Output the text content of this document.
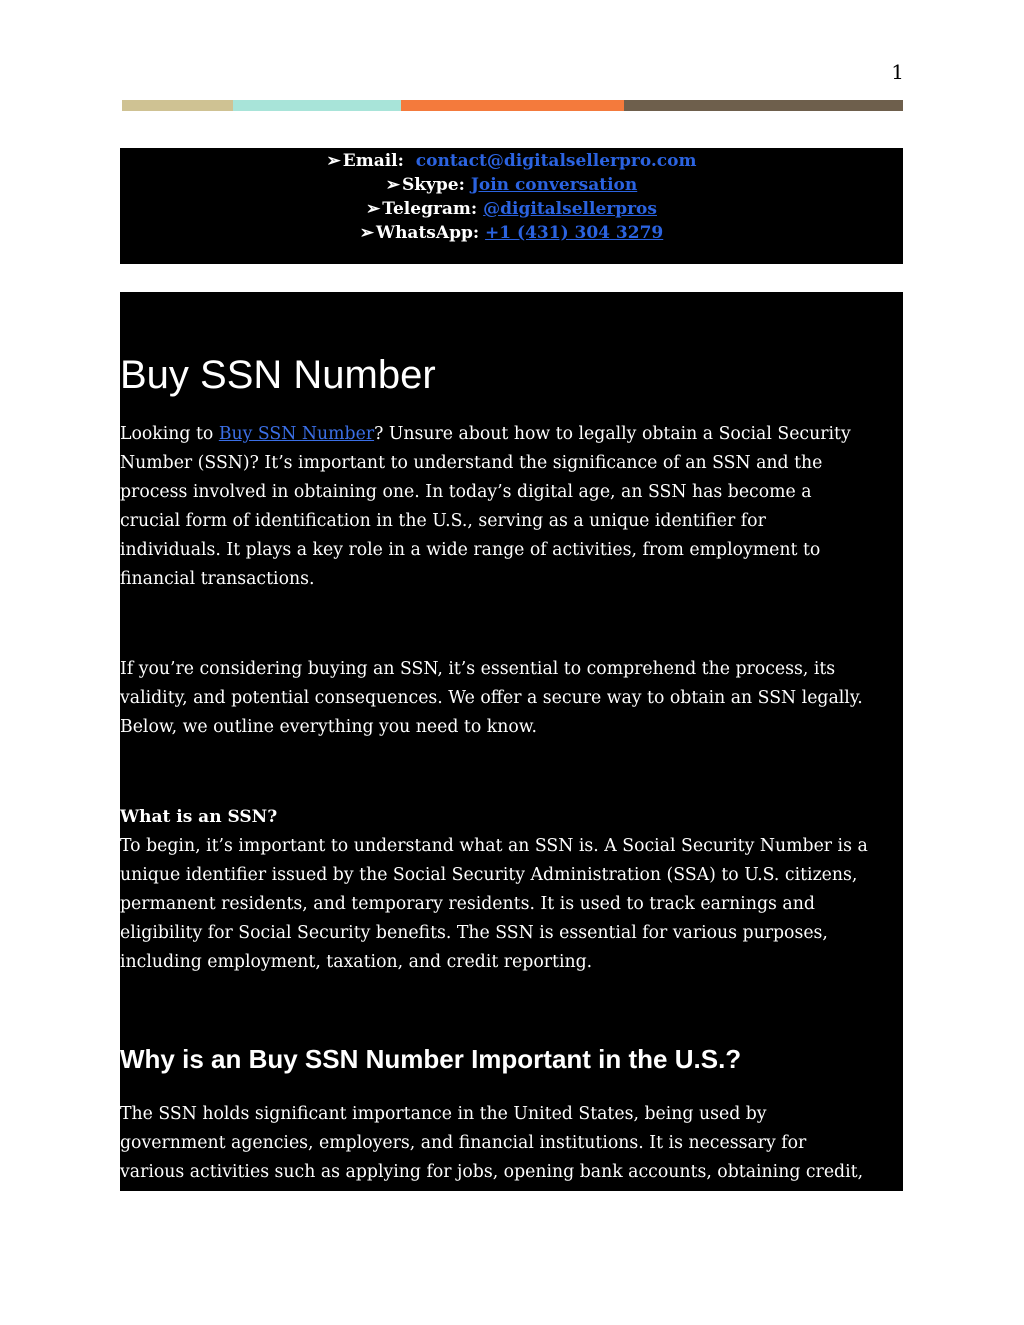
1
➢ Email: contact@digitalsellerpro.com
➢ Skype: Join conversation
➢ Telegram: @digitalsellerpros
➢ WhatsApp: +1 (431) 304 3279
Buy SSN Number
Looking to Buy SSN Number? Unsure about how to legally obtain a Social Security
Number (SSN)? It’s important to understand the significance of an SSN and the
process involved in obtaining one. In today’s digital age, an SSN has become a
crucial form of identification in the U.S., serving as a unique identifier for
individuals. It plays a key role in a wide range of activities, from employment to
financial transactions.
If you’re considering buying an SSN, it’s essential to comprehend the process, its
validity, and potential consequences. We offer a secure way to obtain an SSN legally.
Below, we outline everything you need to know.
What is an SSN?
To begin, it’s important to understand what an SSN is. A Social Security Number is a
unique identifier issued by the Social Security Administration (SSA) to U.S. citizens,
permanent residents, and temporary residents. It is used to track earnings and
eligibility for Social Security benefits. The SSN is essential for various purposes,
including employment, taxation, and credit reporting.
Why is an Buy SSN Number Important in the U.S.?
The SSN holds significant importance in the United States, being used by
government agencies, employers, and financial institutions. It is necessary for
various activities such as applying for jobs, opening bank accounts, obtaining credit,
